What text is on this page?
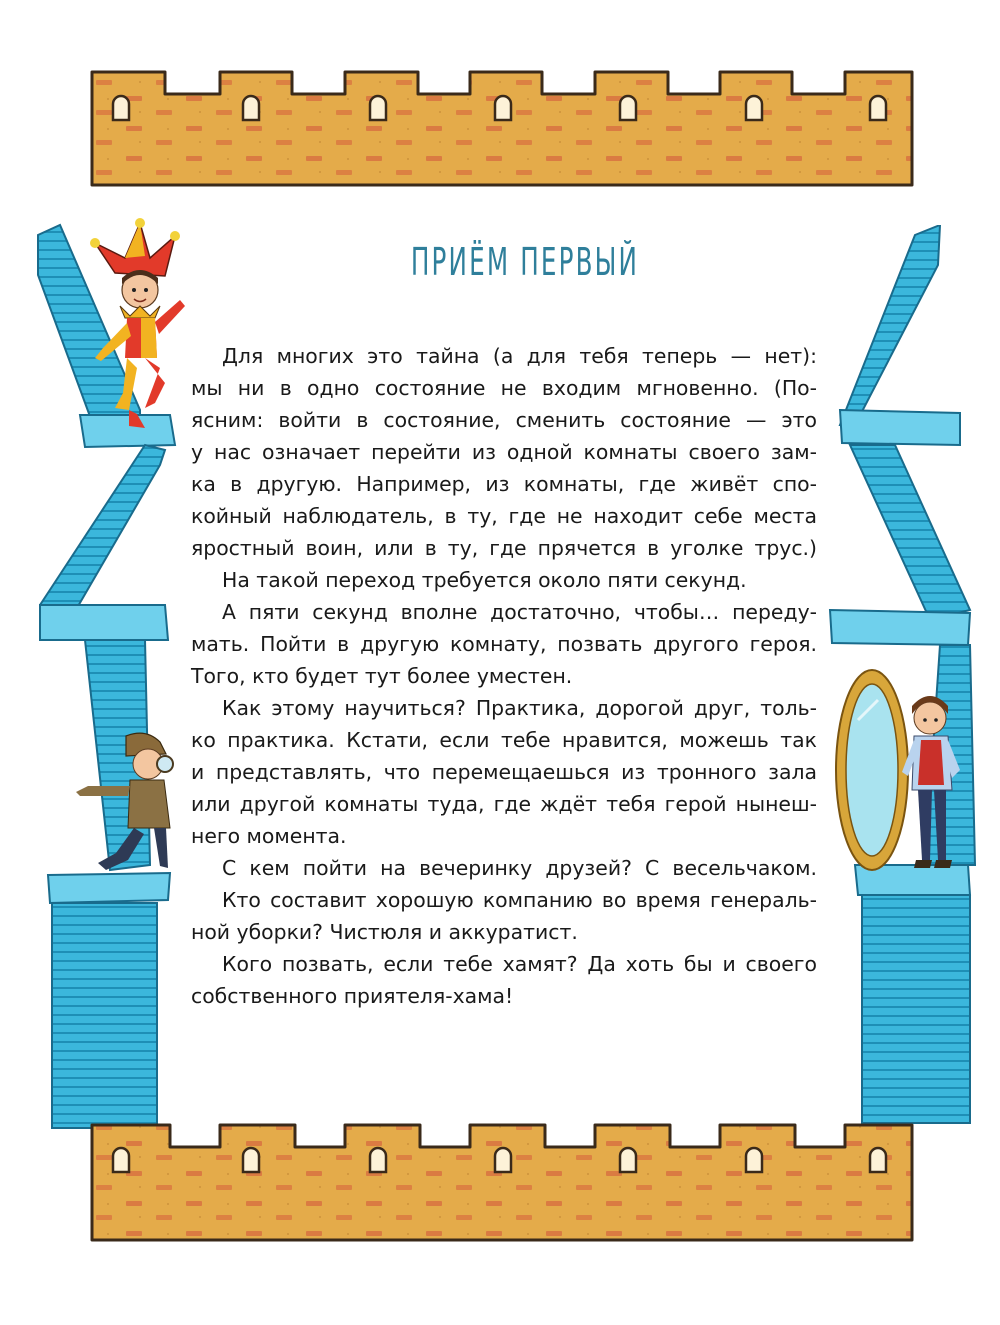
ПРИЁМ ПЕРВЫЙ

Для многих это тайна (а для тебя теперь — нет):

мы ни в одно состояние не входим мгновенно. (По-

ясним: войти в состояние, сменить состояние — это

у нас означает перейти из одной комнаты своего зам-

ка в другую. Например, из комнаты, где живёт спо-

койный наблюдатель, в ту, где не находит себе места

яростный воин, или в ту, где прячется в уголке трус.)

На такой переход требуется около пяти секунд.

А пяти секунд вполне достаточно, чтобы… переду-

мать. Пойти в другую комнату, позвать другого героя.

Того, кто будет тут более уместен.

Как этому научиться? Практика, дорогой друг, толь-

ко практика. Кстати, если тебе нравится, можешь так

и представлять, что перемещаешься из тронного зала

или другой комнаты туда, где ждёт тебя герой нынеш-

него момента.

С кем пойти на вечеринку друзей? С весельчаком.

Кто составит хорошую компанию во время генераль-

ной уборки? Чистюля и аккуратист.

Кого позвать, если тебе хамят? Да хоть бы и своего

собственного приятеля-хама!
